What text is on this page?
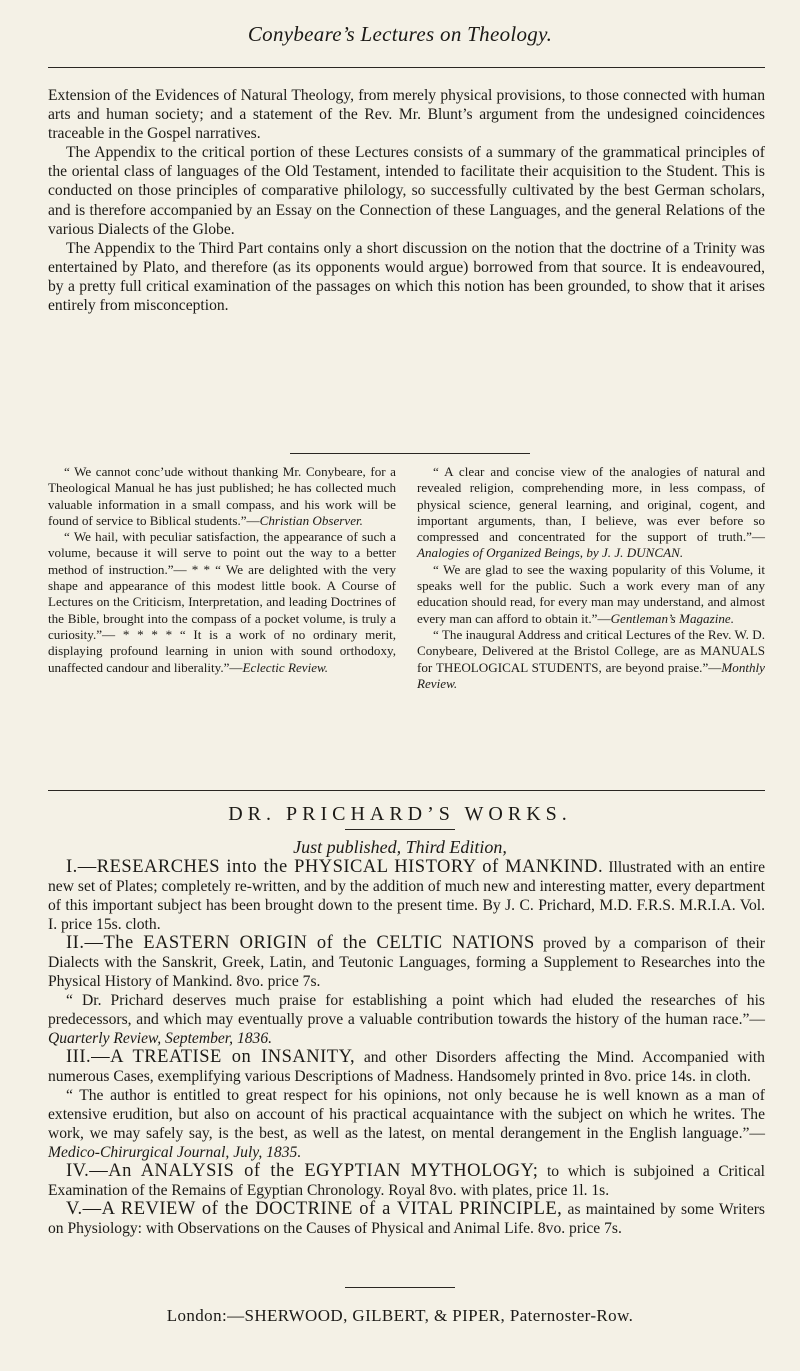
Conybeare’s Lectures on Theology.

Extension of the Evidences of Natural Theology, from merely physical provisions, to those connected with human arts and human society; and a statement of the Rev. Mr. Blunt’s argument from the undesigned coincidences traceable in the Gospel narratives.

The Appendix to the critical portion of these Lectures consists of a summary of the grammatical principles of the oriental class of languages of the Old Testament, intended to facilitate their acquisition to the Student. This is conducted on those principles of comparative philology, so successfully cultivated by the best German scholars, and is therefore accompanied by an Essay on the Connection of these Languages, and the general Relations of the various Dialects of the Globe.

The Appendix to the Third Part contains only a short discussion on the notion that the doctrine of a Trinity was entertained by Plato, and therefore (as its opponents would argue) borrowed from that source. It is endeavoured, by a pretty full critical examination of the passages on which this notion has been grounded, to show that it arises entirely from misconception.

“ We cannot conc’ude without thanking Mr. Conybeare, for a Theological Manual he has just published; he has collected much valuable information in a small compass, and his work will be found of service to Biblical students.”—Christian Observer.

“ We hail, with peculiar satisfaction, the appearance of such a volume, because it will serve to point out the way to a better method of instruction.”— * * “ We are delighted with the very shape and appearance of this modest little book. A Course of Lectures on the Criticism, Interpretation, and leading Doctrines of the Bible, brought into the compass of a pocket volume, is truly a curiosity.”— * * * * “ It is a work of no ordinary merit, displaying profound learning in union with sound orthodoxy, unaffected candour and liberality.”—Eclectic Review.

“ A clear and concise view of the analogies of natural and revealed religion, comprehending more, in less compass, of physical science, general learning, and original, cogent, and important arguments, than, I believe, was ever before so compressed and concentrated for the support of truth.”—Analogies of Organized Beings, by J. J. DUNCAN.

“ We are glad to see the waxing popularity of this Volume, it speaks well for the public. Such a work every man of any education should read, for every man may understand, and almost every man can afford to obtain it.”—Gentleman’s Magazine.

“ The inaugural Address and critical Lectures of the Rev. W. D. Conybeare, Delivered at the Bristol College, are as MANUALS for THEOLOGICAL STUDENTS, are beyond praise.”—Monthly Review.

DR. PRICHARD’S WORKS.
Just published, Third Edition,

I.—RESEARCHES into the PHYSICAL HISTORY of MANKIND. Illustrated with an entire new set of Plates; completely re-written, and by the addition of much new and interesting matter, every department of this important subject has been brought down to the present time. By J. C. Prichard, M.D. F.R.S. M.R.I.A. Vol. I. price 15s. cloth.

II.—The EASTERN ORIGIN of the CELTIC NATIONS proved by a comparison of their Dialects with the Sanskrit, Greek, Latin, and Teutonic Languages, forming a Supplement to Researches into the Physical History of Mankind. 8vo. price 7s.

“ Dr. Prichard deserves much praise for establishing a point which had eluded the researches of his predecessors, and which may eventually prove a valuable contribution towards the history of the human race.”—Quarterly Review, September, 1836.

III.—A TREATISE on INSANITY, and other Disorders affecting the Mind. Accompanied with numerous Cases, exemplifying various Descriptions of Madness. Handsomely printed in 8vo. price 14s. in cloth.

“ The author is entitled to great respect for his opinions, not only because he is well known as a man of extensive erudition, but also on account of his practical acquaintance with the subject on which he writes. The work, we may safely say, is the best, as well as the latest, on mental derangement in the English language.”—Medico-Chirurgical Journal, July, 1835.

IV.—An ANALYSIS of the EGYPTIAN MYTHOLOGY; to which is subjoined a Critical Examination of the Remains of Egyptian Chronology. Royal 8vo. with plates, price 1l. 1s.

V.—A REVIEW of the DOCTRINE of a VITAL PRINCIPLE, as maintained by some Writers on Physiology: with Observations on the Causes of Physical and Animal Life. 8vo. price 7s.

London:—SHERWOOD, GILBERT, & PIPER, Paternoster-Row.
